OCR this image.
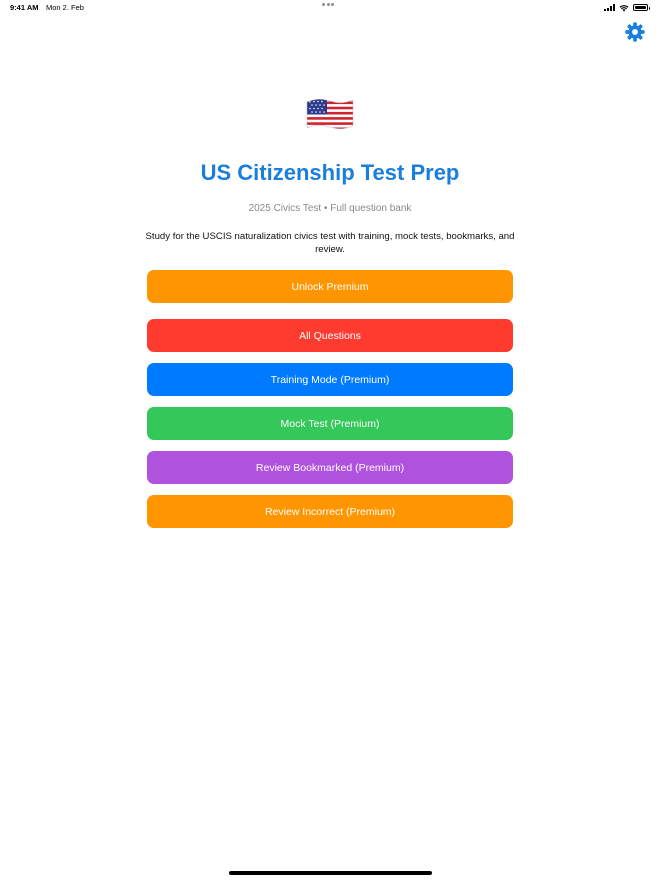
9:41 AM Mon 2. Feb
US Citizenship Test Prep
2025 Civics Test • Full question bank
Study for the USCIS naturalization civics test with training, mock tests, bookmarks, and review.
Unlock Premium
All Questions
Training Mode (Premium)
Mock Test (Premium)
Review Bookmarked (Premium)
Review Incorrect (Premium)
